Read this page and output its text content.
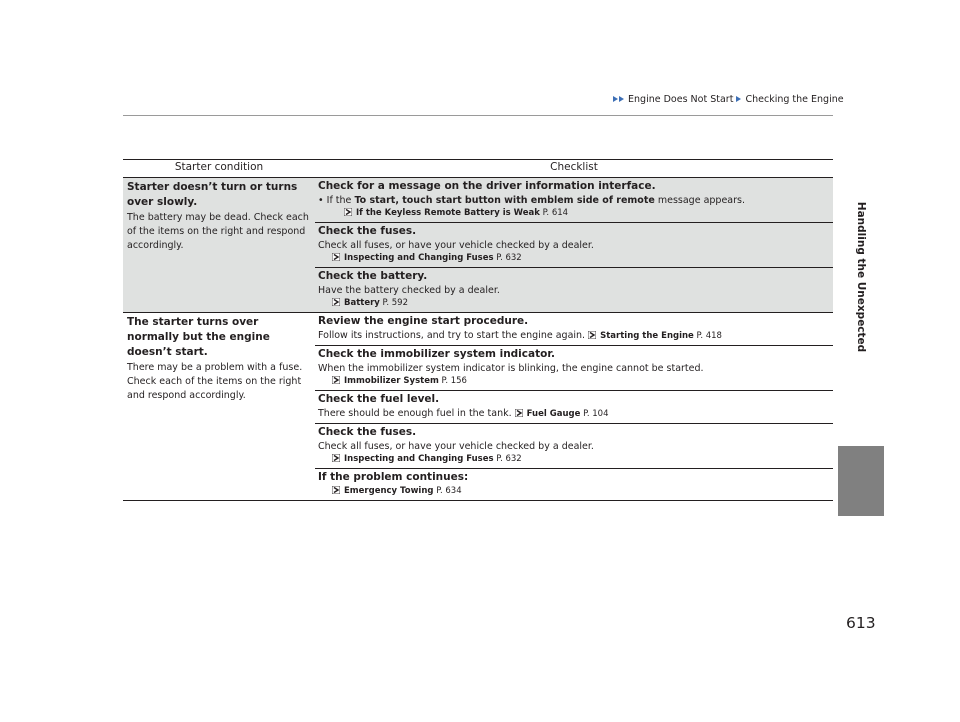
Engine Does Not Start Checking the Engine
Handling the Unexpected
Starter condition	Checklist
Starter doesn’t turn or turns over slowly.
The battery may be dead. Check each of the items on the right and respond accordingly.
Check for a message on the driver information interface.
• If the To start, touch start button with emblem side of remote message appears.
If the Keyless Remote Battery is Weak P. 614
Check the fuses.
Check all fuses, or have your vehicle checked by a dealer.
Inspecting and Changing Fuses P. 632
Check the battery.
Have the battery checked by a dealer.
Battery P. 592
The starter turns over normally but the engine doesn’t start.
There may be a problem with a fuse. Check each of the items on the right and respond accordingly.
Review the engine start procedure.
Follow its instructions, and try to start the engine again. Starting the Engine P. 418
Check the immobilizer system indicator.
When the immobilizer system indicator is blinking, the engine cannot be started.
Immobilizer System P. 156
Check the fuel level.
There should be enough fuel in the tank. Fuel Gauge P. 104
Check the fuses.
Check all fuses, or have your vehicle checked by a dealer.
Inspecting and Changing Fuses P. 632
If the problem continues:
Emergency Towing P. 634
613
